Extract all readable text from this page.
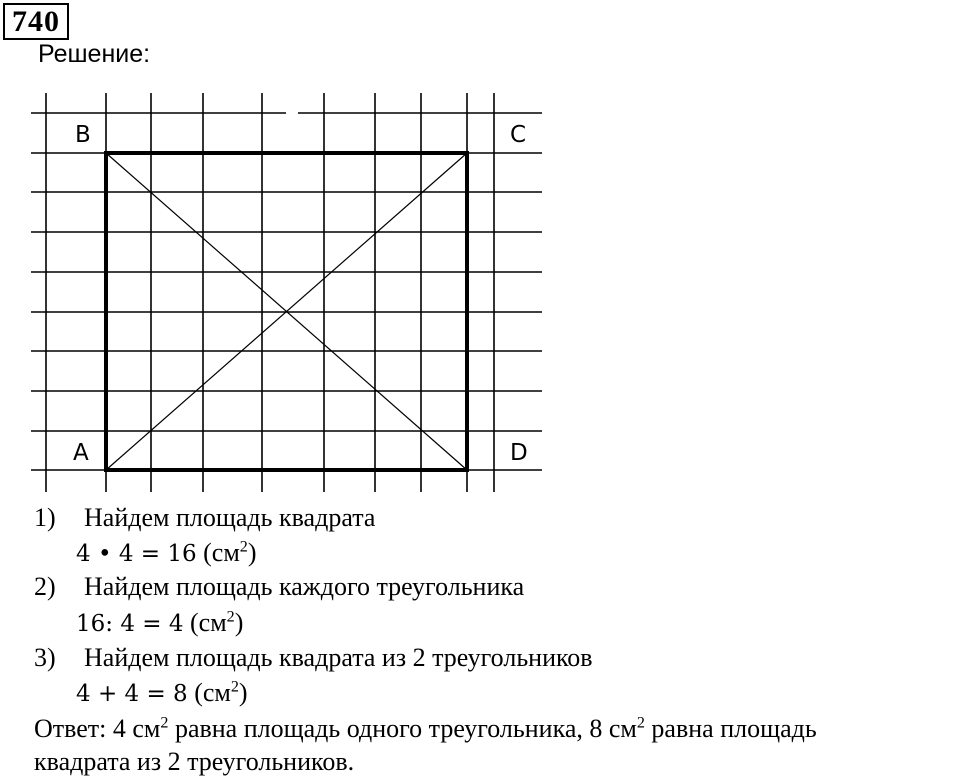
740
Решение:
B	C
A	D
1) Найдем площадь квадрата
4 • 4 = 16 $(см^2)$
2) Найдем площадь каждого треугольника
16: 4 = 4 $(см^2)$
3) Найдем площадь квадрата из 2 треугольников
4 + 4 = 8 $(см^2)$
Ответ: 4 $см^2$ равна площадь одного треугольника, 8 $см^2$ равна площадь
квадрата из 2 треугольников.
